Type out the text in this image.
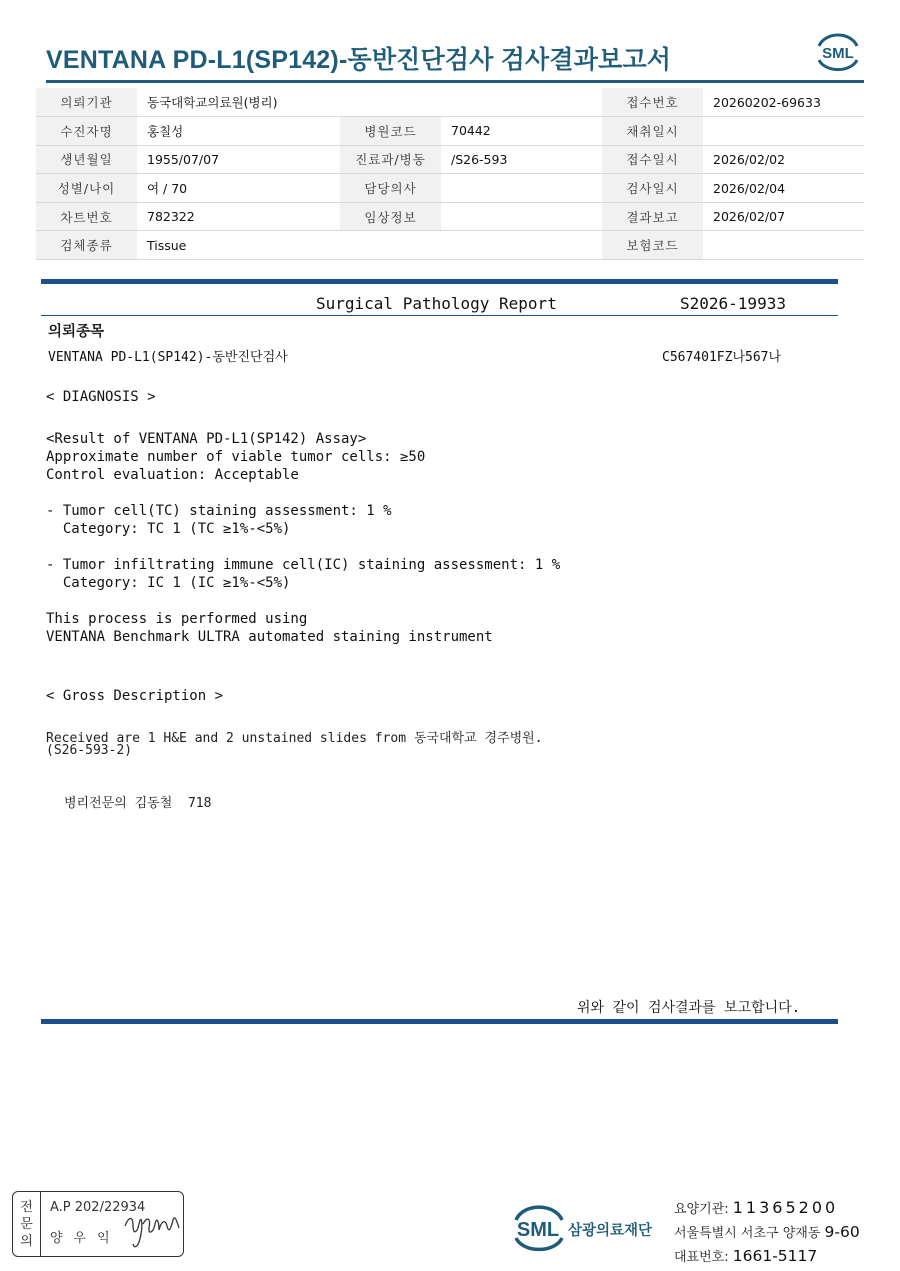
VENTANA PD-L1(SP142)-동반진단검사 검사결과보고서	SML
의뢰기관	동국대학교의료원(병리)			접수번호	20260202-69633
수진자명	홍칠성	병원코드	70442	채취일시	
생년월일	1955/07/07	진료과/병동	/S26-593	접수일시	2026/02/02
성별/나이	여 / 70	담당의사		검사일시	2026/02/04
차트번호	782322	임상정보		결과보고	2026/02/07
검체종류	Tissue			보험코드	
Surgical Pathology Report	S2026-19933
의뢰종목
VENTANA PD-L1(SP142)-동반진단검사	C567401FZ나567나
< DIAGNOSIS >
<Result of VENTANA PD-L1(SP142) Assay>
Approximate number of viable tumor cells: ≥50
Control evaluation: Acceptable
- Tumor cell(TC) staining assessment: 1 %
Category: TC 1 (TC ≥1%-<5%)
- Tumor infiltrating immune cell(IC) staining assessment: 1 %
Category: IC 1 (IC ≥1%-<5%)
This process is performed using
VENTANA Benchmark ULTRA automated staining instrument
< Gross Description >
Received are 1 H&E and 2 unstained slides from 동국대학교 경주병원.
(S26-593-2)
병리전문의 김동철  718
위와 같이 검사결과를 보고합니다.
전
문
의
A.P 202/22934
양우익	SML 삼광의료재단
요양기관: 11365200
서울특별시 서초구 양재동 9-60
대표번호: 1661-5117
